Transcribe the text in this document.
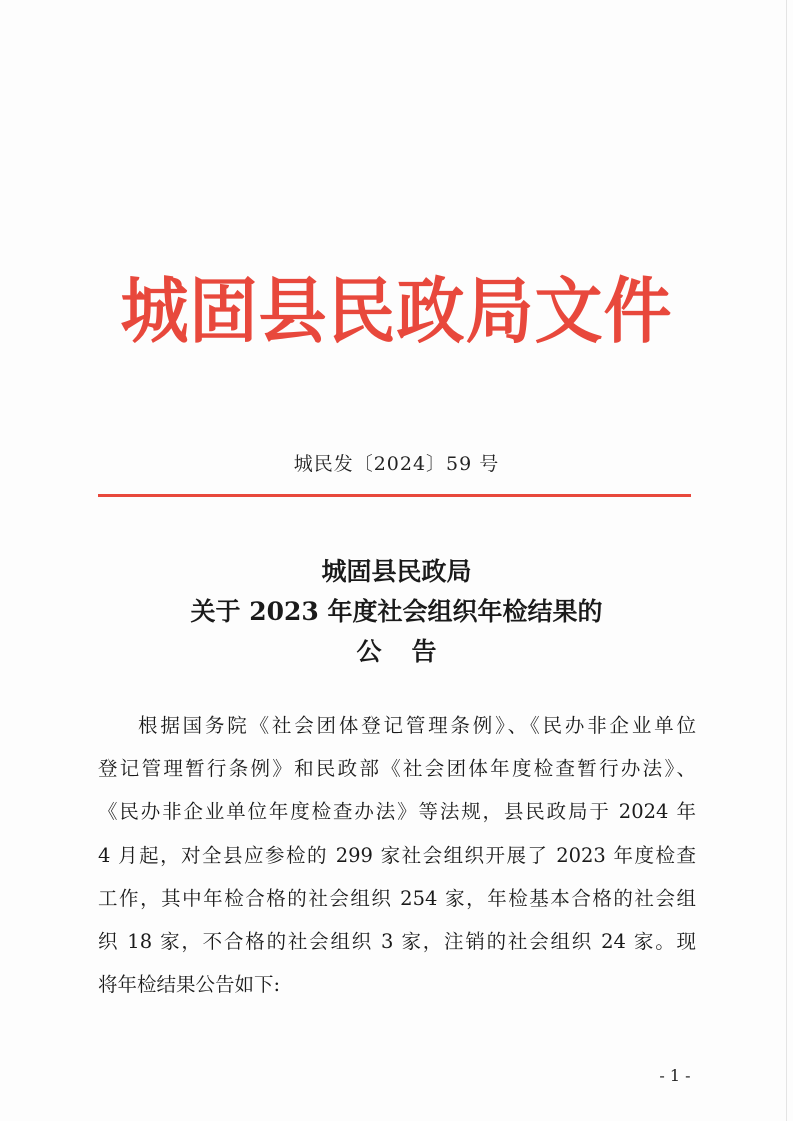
城固县民政局文件
城民发〔2024〕59 号
城固县民政局
关于 2023 年度社会组织年检结果的
公告
根据国务院《社会团体登记管理条例》、《民办非企业单位
登记管理暂行条例》和民政部《社会团体年度检查暂行办法》、
《民办非企业单位年度检查办法》等法规，县民政局于 2024 年
4 月起，对全县应参检的 299 家社会组织开展了 2023 年度检查
工作，其中年检合格的社会组织 254 家，年检基本合格的社会组
织 18 家，不合格的社会组织 3 家，注销的社会组织 24 家。现
将年检结果公告如下:
- 1 -
